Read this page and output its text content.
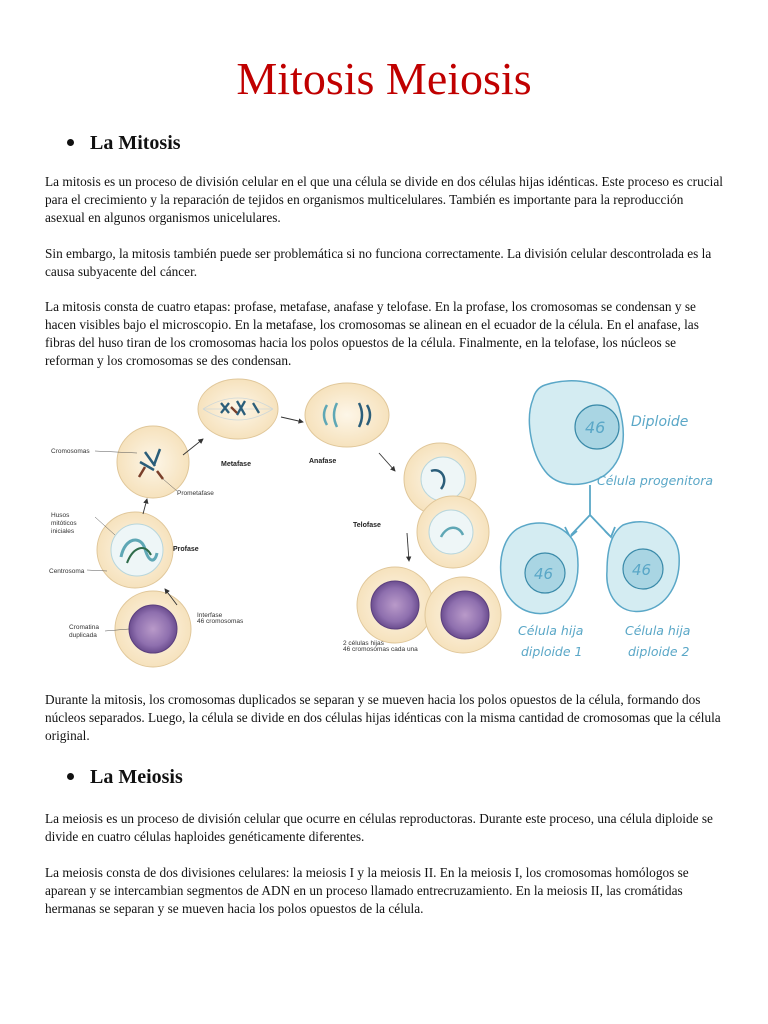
Mitosis Meiosis
La Mitosis

La mitosis es un proceso de división celular en el que una célula se divide en dos células hijas idénticas. Este proceso es crucial para el crecimiento y la reparación de tejidos en organismos multicelulares. También es importante para la reproducción asexual en algunos organismos unicelulares.

Sin embargo, la mitosis también puede ser problemática si no funciona correctamente. La división celular descontrolada es la causa subyacente del cáncer.

La mitosis consta de cuatro etapas: profase, metafase, anafase y telofase. En la profase, los cromosomas se condensan y se hacen visibles bajo el microscopio. En la metafase, los cromosomas se alinean en el ecuador de la célula. En el anafase, las fibras del huso tiran de los cromosomas hacia los polos opuestos de la célula. Finalmente, en la telofase, los núcleos se reforman y los cromosomas se des condensan.

Cromosomas
Husos
mitóticos
iniciales
Centrosoma
Cromatina
duplicada
Interfase
46 cromosomas
Profase
Prometafase
Metafase	Anafase
Telofase
2 células hijas
46 cromosomas cada una
46 Diploide
Célula progenitora
46	46
Célula hija
diploide 1
Célula hija
diploide 2

Durante la mitosis, los cromosomas duplicados se separan y se mueven hacia los polos opuestos de la célula, formando dos núcleos separados. Luego, la célula se divide en dos células hijas idénticas con la misma cantidad de cromosomas que la célula original.

La Meiosis

La meiosis es un proceso de división celular que ocurre en células reproductoras. Durante este proceso, una célula diploide se divide en cuatro células haploides genéticamente diferentes.

La meiosis consta de dos divisiones celulares: la meiosis I y la meiosis II. En la meiosis I, los cromosomas homólogos se aparean y se intercambian segmentos de ADN en un proceso llamado entrecruzamiento. En la meiosis II, las cromátidas hermanas se separan y se mueven hacia los polos opuestos de la célula.
